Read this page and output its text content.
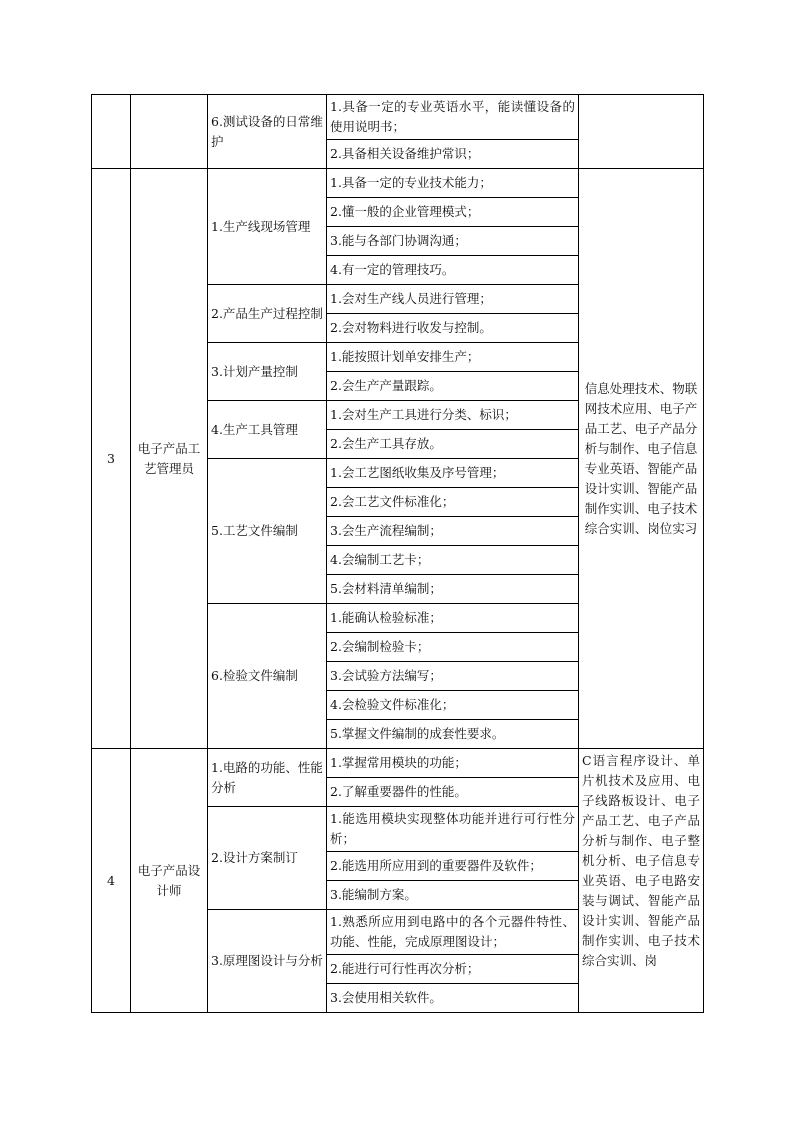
		6.测试设备的日常维护	1.具备一定的专业英语水平，能读懂设备的使用说明书；	
			2.具备相关设备维护常识；	
3	电子产品工艺管理员	1.生产线现场管理	1.具备一定的专业技术能力；	信息处理技术、物联网技术应用、电子产品工艺、电子产品分析与制作、电子信息专业英语、智能产品设计实训、智能产品制作实训、电子技术综合实训、岗位实习
			2.懂一般的企业管理模式；	
			3.能与各部门协调沟通；	
			4.有一定的管理技巧。	
		2.产品生产过程控制	1.会对生产线人员进行管理；	
			2.会对物料进行收发与控制。	
		3.计划产量控制	1.能按照计划单安排生产；	
			2.会生产产量跟踪。	
		4.生产工具管理	1.会对生产工具进行分类、标识；	
			2.会生产工具存放。	
		5.工艺文件编制	1.会工艺图纸收集及序号管理；	
			2.会工艺文件标准化；	
			3.会生产流程编制；	
			4.会编制工艺卡；	
			5.会材料清单编制；	
		6.检验文件编制	1.能确认检验标准；	
			2.会编制检验卡；	
			3.会试验方法编写；	
			4.会检验文件标准化；	
			5.掌握文件编制的成套性要求。	
4	电子产品设计师	1.电路的功能、性能分析	1.掌握常用模块的功能；	C语言程序设计、单片机技术及应用、电子线路板设计、电子产品工艺、电子产品分析与制作、电子整机分析、电子信息专业英语、电子电路安装与调试、智能产品设计实训、智能产品制作实训、电子技术综合实训、岗
			2.了解重要器件的性能。	
		2.设计方案制订	1.能选用模块实现整体功能并进行可行性分析；	
			2.能选用所应用到的重要器件及软件；	
			3.能编制方案。	
		3.原理图设计与分析	1.熟悉所应用到电路中的各个元器件特性、功能、性能，完成原理图设计；	
			2.能进行可行性再次分析；	
			3.会使用相关软件。	
